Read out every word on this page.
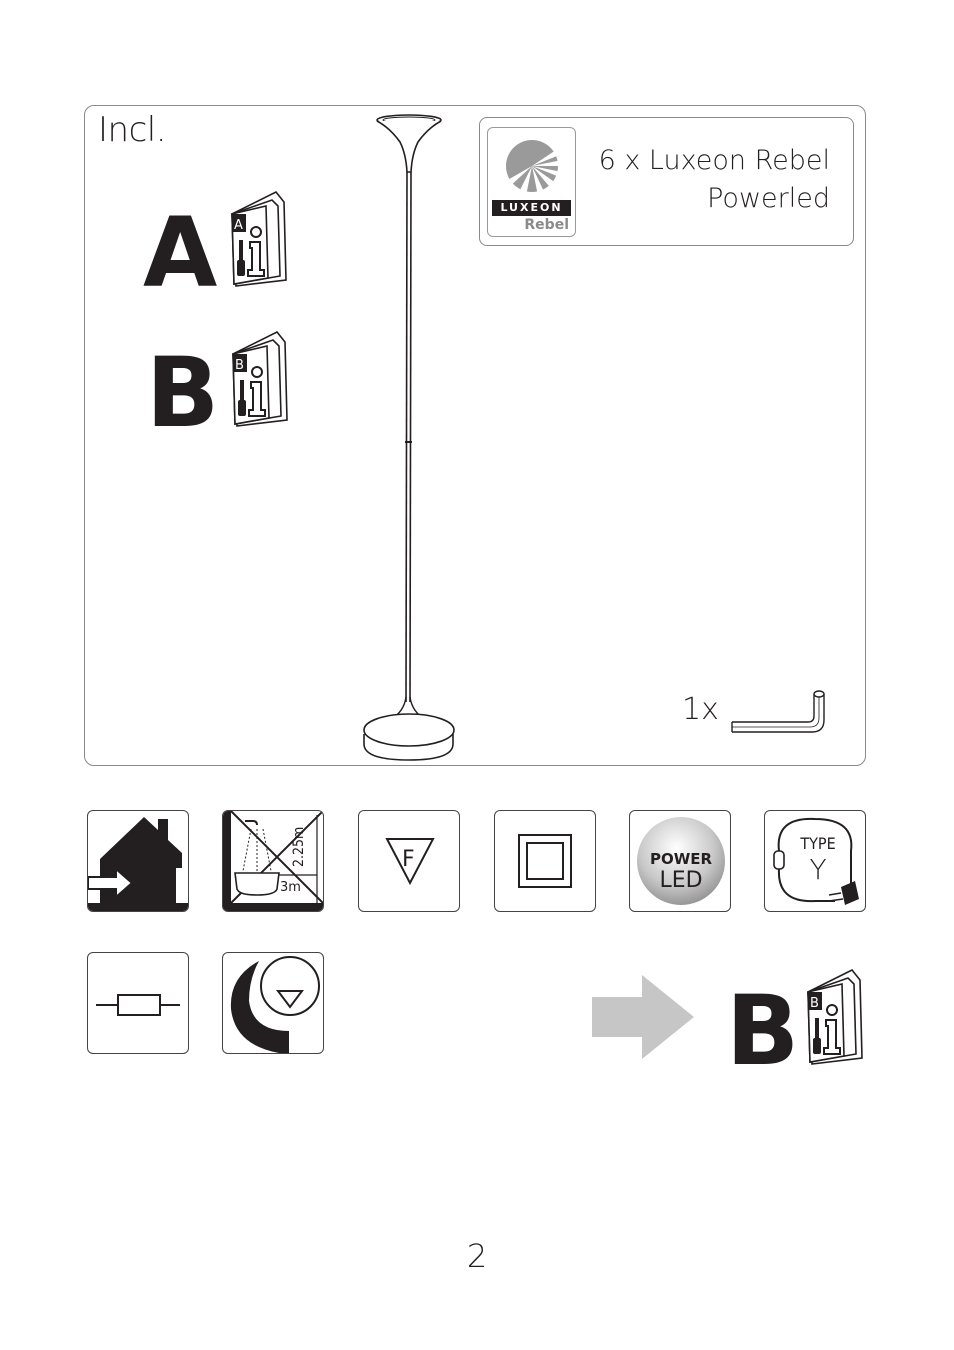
Incl.
A A
B B
LUXEON
Rebel
6 x Luxeon Rebel
Powerled
1x
2.25m
3m
F	POWER
LED
TYPE
Y
B B
2
